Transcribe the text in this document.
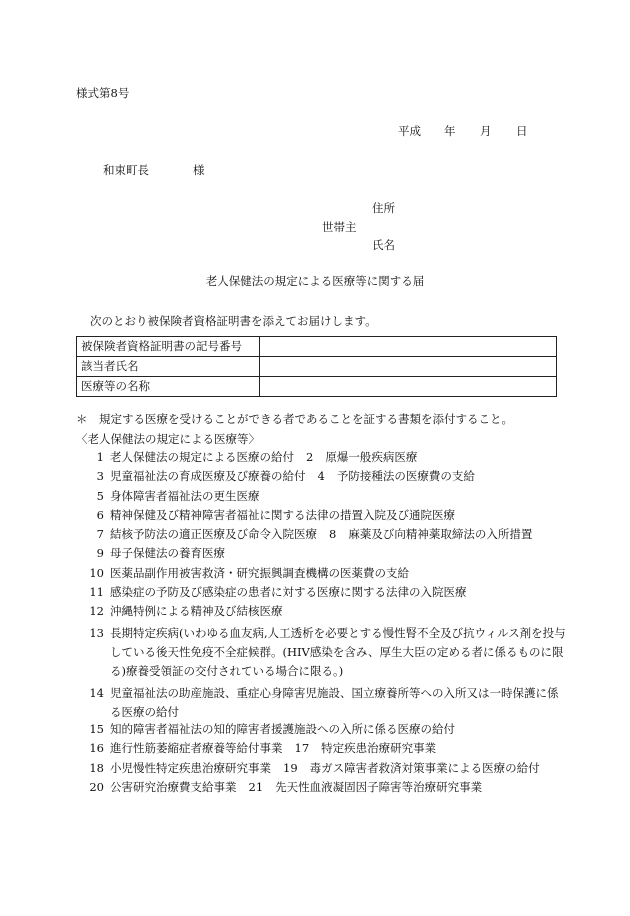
様式第8号
平成 年 月 日
和束町長	様
住所
世帯主
氏名
老人保健法の規定による医療等に関する届
次のとおり被保険者資格証明書を添えてお届けします。
被保険者資格証明書の記号番号	
該当者氏名	
医療等の名称	
＊　規定する医療を受けることができる者であることを証する書類を添付すること。
〈老人保健法の規定による医療等〉
1 老人保健法の規定による医療の給付 2 原爆一般疾病医療
3 児童福祉法の育成医療及び療養の給付 4 予防接種法の医療費の支給
5 身体障害者福祉法の更生医療
6 精神保健及び精神障害者福祉に関する法律の措置入院及び通院医療
7 結核予防法の適正医療及び命令入院医療 8 麻薬及び向精神薬取締法の入所措置
9 母子保健法の養育医療
10 医薬品副作用被害救済・研究振興調査機構の医薬費の支給
11 感染症の予防及び感染症の患者に対する医療に関する法律の入院医療
12 沖縄特例による精神及び結核医療
13 長期特定疾病(いわゆる血友病,人工透析を必要とする慢性腎不全及び抗ウィルス剤を投与している後天性免疫不全症候群。(HIV感染を含み、厚生大臣の定める者に係るものに限る)療養受領証の交付されている場合に限る。)
14 児童福祉法の助産施設、重症心身障害児施設、国立療養所等への入所又は一時保護に係る医療の給付
15 知的障害者福祉法の知的障害者援護施設への入所に係る医療の給付
16 進行性筋萎縮症者療養等給付事業 17 特定疾患治療研究事業
18 小児慢性特定疾患治療研究事業 19 毒ガス障害者救済対策事業による医療の給付
20 公害研究治療費支給事業 21 先天性血液凝固因子障害等治療研究事業
